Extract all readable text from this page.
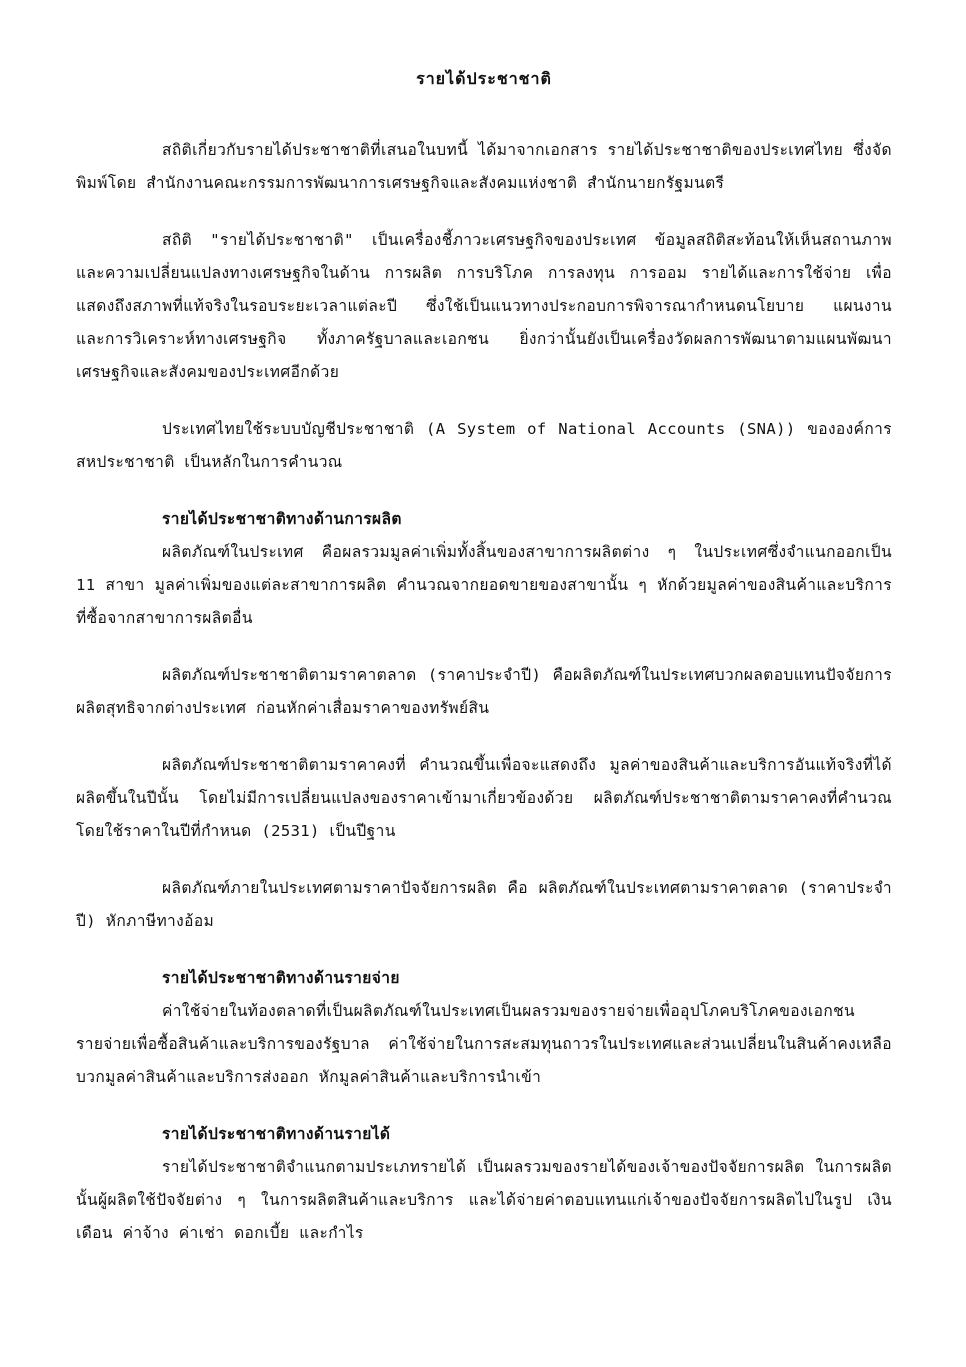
รายได้ประชาชาติ

สถิติเกี่ยวกับรายได้ประชาชาติที่เสนอในบทนี้ ได้มาจากเอกสาร รายได้ประชาชาติของประเทศไทย ซึ่งจัดพิมพ์โดย สำนักงานคณะกรรมการพัฒนาการเศรษฐกิจและสังคมแห่งชาติ สำนักนายกรัฐมนตรี

สถิติ "รายได้ประชาชาติ" เป็นเครื่องชี้ภาวะเศรษฐกิจของประเทศ ข้อมูลสถิติสะท้อนให้เห็นสถานภาพและความเปลี่ยนแปลงทางเศรษฐกิจในด้าน การผลิต การบริโภค การลงทุน การออม รายได้และการใช้จ่าย เพื่อแสดงถึงสภาพที่แท้จริงในรอบระยะเวลาแต่ละปี ซึ่งใช้เป็นแนวทางประกอบการพิจารณากำหนดนโยบาย แผนงาน และการวิเคราะห์ทางเศรษฐกิจ ทั้งภาครัฐบาลและเอกชน ยิ่งกว่านั้นยังเป็นเครื่องวัดผลการพัฒนาตามแผนพัฒนาเศรษฐกิจและสังคมของประเทศอีกด้วย

ประเทศไทยใช้ระบบบัญชีประชาชาติ (A System of National Accounts (SNA)) ขององค์การสหประชาชาติ เป็นหลักในการคำนวณ

รายได้ประชาชาติทางด้านการผลิต

ผลิตภัณฑ์ในประเทศ คือผลรวมมูลค่าเพิ่มทั้งสิ้นของสาขาการผลิตต่าง ๆ ในประเทศซึ่งจำแนกออกเป็น 11 สาขา มูลค่าเพิ่มของแต่ละสาขาการผลิต คำนวณจากยอดขายของสาขานั้น ๆ หักด้วยมูลค่าของสินค้าและบริการที่ซื้อจากสาขาการผลิตอื่น

ผลิตภัณฑ์ประชาชาติตามราคาตลาด (ราคาประจำปี) คือผลิตภัณฑ์ในประเทศบวกผลตอบแทนปัจจัยการผลิตสุทธิจากต่างประเทศ ก่อนหักค่าเสื่อมราคาของทรัพย์สิน

ผลิตภัณฑ์ประชาชาติตามราคาคงที่ คำนวณขึ้นเพื่อจะแสดงถึง มูลค่าของสินค้าและบริการอันแท้จริงที่ได้ผลิตขึ้นในปีนั้น โดยไม่มีการเปลี่ยนแปลงของราคาเข้ามาเกี่ยวข้องด้วย ผลิตภัณฑ์ประชาชาติตามราคาคงที่คำนวณโดยใช้ราคาในปีที่กำหนด (2531) เป็นปีฐาน

ผลิตภัณฑ์ภายในประเทศตามราคาปัจจัยการผลิต คือ ผลิตภัณฑ์ในประเทศตามราคาตลาด (ราคาประจำปี) หักภาษีทางอ้อม

รายได้ประชาชาติทางด้านรายจ่าย

ค่าใช้จ่ายในท้องตลาดที่เป็นผลิตภัณฑ์ในประเทศเป็นผลรวมของรายจ่ายเพื่ออุปโภคบริโภคของเอกชน รายจ่ายเพื่อซื้อสินค้าและบริการของรัฐบาล ค่าใช้จ่ายในการสะสมทุนถาวรในประเทศและส่วนเปลี่ยนในสินค้าคงเหลือ บวกมูลค่าสินค้าและบริการส่งออก หักมูลค่าสินค้าและบริการนำเข้า

รายได้ประชาชาติทางด้านรายได้

รายได้ประชาชาติจำแนกตามประเภทรายได้ เป็นผลรวมของรายได้ของเจ้าของปัจจัยการผลิต ในการผลิตนั้นผู้ผลิตใช้ปัจจัยต่าง ๆ ในการผลิตสินค้าและบริการ และได้จ่ายค่าตอบแทนแก่เจ้าของปัจจัยการผลิตไปในรูป เงินเดือน ค่าจ้าง ค่าเช่า ดอกเบี้ย และกำไร
